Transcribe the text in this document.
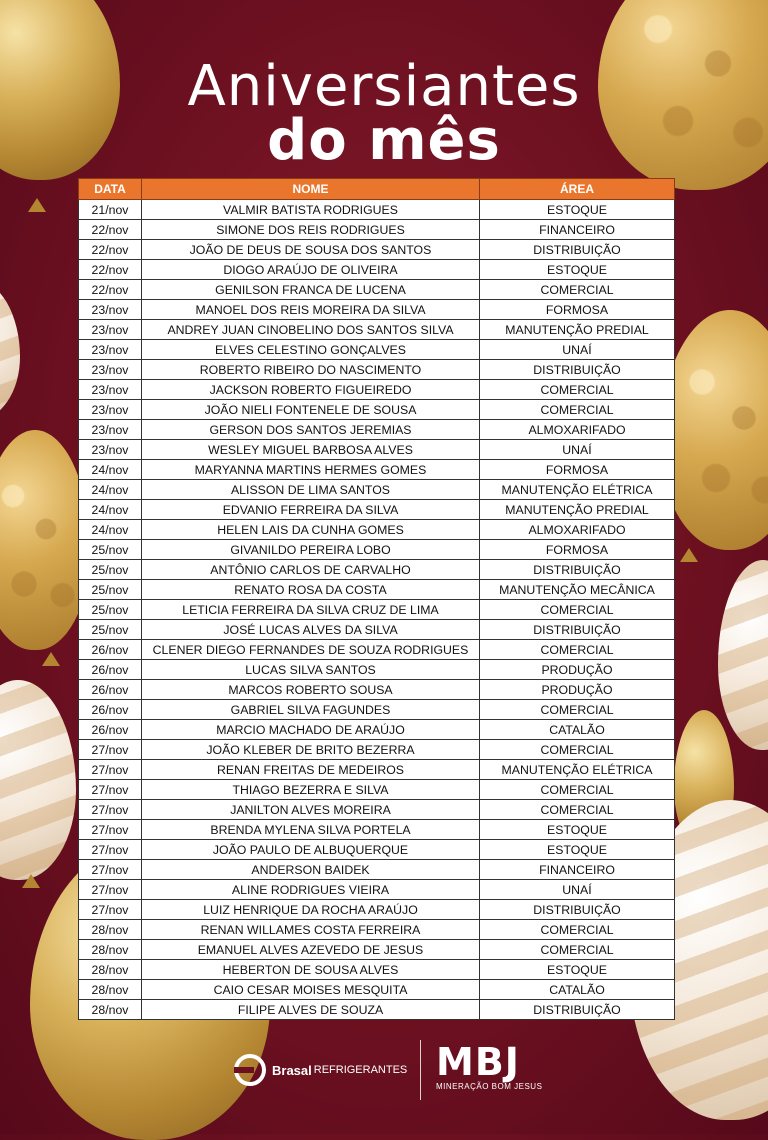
Aniversiantes
do mês
DATA	NOME	ÁREA
21/nov	VALMIR BATISTA RODRIGUES	ESTOQUE
22/nov	SIMONE DOS REIS RODRIGUES	FINANCEIRO
22/nov	JOÃO DE DEUS DE SOUSA DOS SANTOS	DISTRIBUIÇÃO
22/nov	DIOGO ARAÚJO DE OLIVEIRA	ESTOQUE
22/nov	GENILSON FRANCA DE LUCENA	COMERCIAL
23/nov	MANOEL DOS REIS MOREIRA DA SILVA	FORMOSA
23/nov	ANDREY JUAN CINOBELINO DOS SANTOS SILVA	MANUTENÇÃO PREDIAL
23/nov	ELVES CELESTINO GONÇALVES	UNAÍ
23/nov	ROBERTO RIBEIRO DO NASCIMENTO	DISTRIBUIÇÃO
23/nov	JACKSON ROBERTO FIGUEIREDO	COMERCIAL
23/nov	JOÃO NIELI FONTENELE DE SOUSA	COMERCIAL
23/nov	GERSON DOS SANTOS JEREMIAS	ALMOXARIFADO
23/nov	WESLEY MIGUEL BARBOSA ALVES	UNAÍ
24/nov	MARYANNA MARTINS HERMES GOMES	FORMOSA
24/nov	ALISSON DE LIMA SANTOS	MANUTENÇÃO ELÉTRICA
24/nov	EDVANIO FERREIRA DA SILVA	MANUTENÇÃO PREDIAL
24/nov	HELEN LAIS DA CUNHA GOMES	ALMOXARIFADO
25/nov	GIVANILDO PEREIRA LOBO	FORMOSA
25/nov	ANTÔNIO CARLOS DE CARVALHO	DISTRIBUIÇÃO
25/nov	RENATO ROSA DA COSTA	MANUTENÇÃO MECÂNICA
25/nov	LETICIA FERREIRA DA SILVA CRUZ DE LIMA	COMERCIAL
25/nov	JOSÉ LUCAS ALVES DA SILVA	DISTRIBUIÇÃO
26/nov	CLENER DIEGO FERNANDES DE SOUZA RODRIGUES	COMERCIAL
26/nov	LUCAS SILVA SANTOS	PRODUÇÃO
26/nov	MARCOS ROBERTO SOUSA	PRODUÇÃO
26/nov	GABRIEL SILVA FAGUNDES	COMERCIAL
26/nov	MARCIO MACHADO DE ARAÚJO	CATALÃO
27/nov	JOÃO KLEBER DE BRITO BEZERRA	COMERCIAL
27/nov	RENAN FREITAS DE MEDEIROS	MANUTENÇÃO ELÉTRICA
27/nov	THIAGO BEZERRA E SILVA	COMERCIAL
27/nov	JANILTON ALVES MOREIRA	COMERCIAL
27/nov	BRENDA MYLENA SILVA PORTELA	ESTOQUE
27/nov	JOÃO PAULO DE ALBUQUERQUE	ESTOQUE
27/nov	ANDERSON BAIDEK	FINANCEIRO
27/nov	ALINE RODRIGUES VIEIRA	UNAÍ
27/nov	LUIZ HENRIQUE DA ROCHA ARAÚJO	DISTRIBUIÇÃO
28/nov	RENAN WILLAMES COSTA FERREIRA	COMERCIAL
28/nov	EMANUEL ALVES AZEVEDO DE JESUS	COMERCIAL
28/nov	HEBERTON DE SOUSA ALVES	ESTOQUE
28/nov	CAIO CESAR MOISES MESQUITA	CATALÃO
28/nov	FILIPE ALVES DE SOUZA	DISTRIBUIÇÃO
Brasal REFRIGERANTES MBJ
MINERAÇÃO BOM JESUS
